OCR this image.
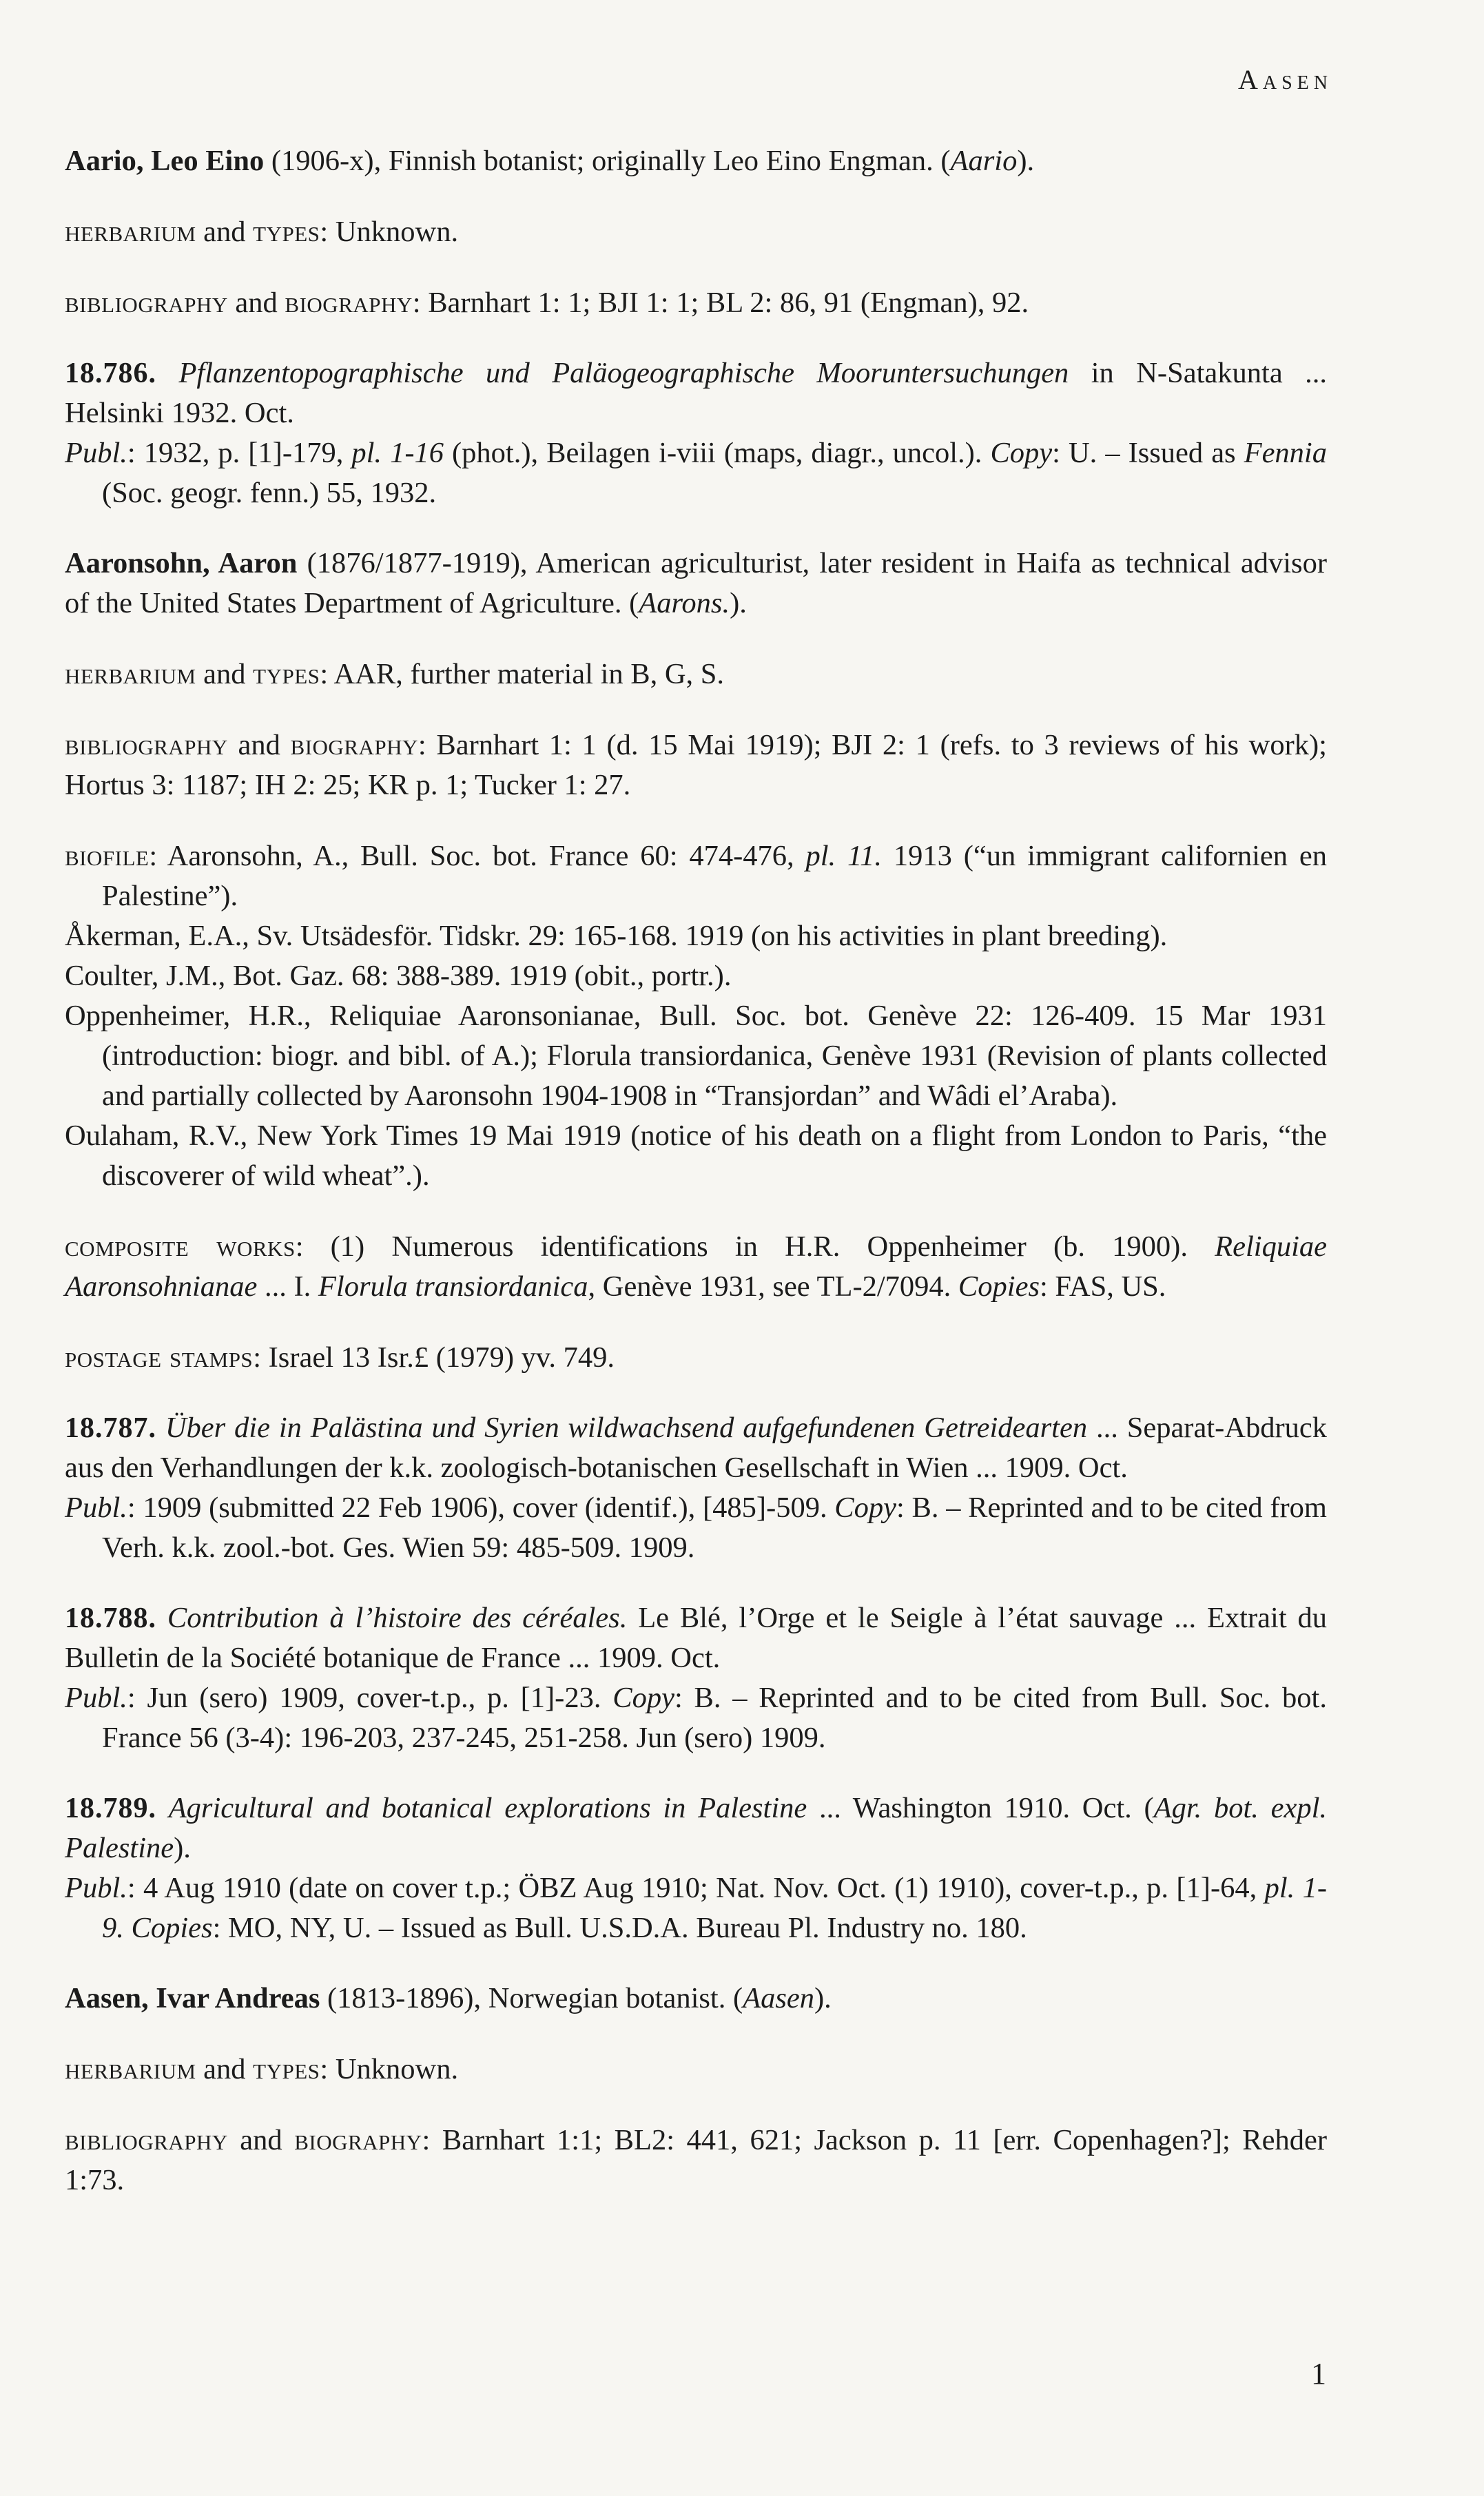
Aasen

Aario, Leo Eino (1906-x), Finnish botanist; originally Leo Eino Engman. (Aario).

herbarium and types: Unknown.

bibliography and biography: Barnhart 1: 1; BJI 1: 1; BL 2: 86, 91 (Engman), 92.

18.786. Pflanzentopographische und Paläogeographische Mooruntersuchungen in N-Satakunta ... Helsinki 1932. Oct.

Publ.: 1932, p. [1]-179, pl. 1-16 (phot.), Beilagen i-viii (maps, diagr., uncol.). Copy: U. – Issued as Fennia (Soc. geogr. fenn.) 55, 1932.

Aaronsohn, Aaron (1876/1877-1919), American agriculturist, later resident in Haifa as technical advisor of the United States Department of Agriculture. (Aarons.).

herbarium and types: AAR, further material in B, G, S.

bibliography and biography: Barnhart 1: 1 (d. 15 Mai 1919); BJI 2: 1 (refs. to 3 reviews of his work); Hortus 3: 1187; IH 2: 25; KR p. 1; Tucker 1: 27.

biofile: Aaronsohn, A., Bull. Soc. bot. France 60: 474-476, pl. 11. 1913 (“un immigrant californien en Palestine”).

Åkerman, E.A., Sv. Utsädesför. Tidskr. 29: 165-168. 1919 (on his activities in plant breeding).

Coulter, J.M., Bot. Gaz. 68: 388-389. 1919 (obit., portr.).

Oppenheimer, H.R., Reliquiae Aaronsonianae, Bull. Soc. bot. Genève 22: 126-409. 15 Mar 1931 (introduction: biogr. and bibl. of A.); Florula transiordanica, Genève 1931 (Revision of plants collected and partially collected by Aaronsohn 1904-1908 in “Transjordan” and Wâdi el’Araba).

Oulaham, R.V., New York Times 19 Mai 1919 (notice of his death on a flight from London to Paris, “the discoverer of wild wheat”.).

composite works: (1) Numerous identifications in H.R. Oppenheimer (b. 1900). Reliquiae Aaronsohnianae ... I. Florula transiordanica, Genève 1931, see TL-2/7094. Copies: FAS, US.

postage stamps: Israel 13 Isr.£ (1979) yv. 749.

18.787. Über die in Palästina und Syrien wildwachsend aufgefundenen Getreidearten ... Separat-Abdruck aus den Verhandlungen der k.k. zoologisch-botanischen Gesellschaft in Wien ... 1909. Oct.

Publ.: 1909 (submitted 22 Feb 1906), cover (identif.), [485]-509. Copy: B. – Reprinted and to be cited from Verh. k.k. zool.-bot. Ges. Wien 59: 485-509. 1909.

18.788. Contribution à l’histoire des céréales. Le Blé, l’Orge et le Seigle à l’état sauvage ... Extrait du Bulletin de la Société botanique de France ... 1909. Oct.

Publ.: Jun (sero) 1909, cover-t.p., p. [1]-23. Copy: B. – Reprinted and to be cited from Bull. Soc. bot. France 56 (3-4): 196-203, 237-245, 251-258. Jun (sero) 1909.

18.789. Agricultural and botanical explorations in Palestine ... Washington 1910. Oct. (Agr. bot. expl. Palestine).

Publ.: 4 Aug 1910 (date on cover t.p.; ÖBZ Aug 1910; Nat. Nov. Oct. (1) 1910), cover-t.p., p. [1]-64, pl. 1-9. Copies: MO, NY, U. – Issued as Bull. U.S.D.A. Bureau Pl. Industry no. 180.

Aasen, Ivar Andreas (1813-1896), Norwegian botanist. (Aasen).

herbarium and types: Unknown.

bibliography and biography: Barnhart 1:1; BL2: 441, 621; Jackson p. 11 [err. Copenhagen?]; Rehder 1:73.

1
